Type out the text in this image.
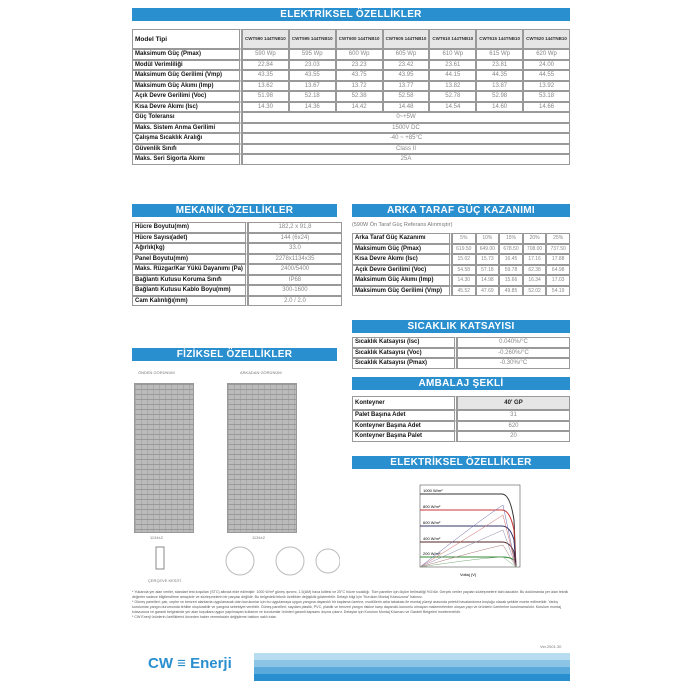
ELEKTRİKSEL ÖZELLİKLER
Model Tipi	CWT590 144TNB10	CWT595 144TNB10	CWT600 144TNB10	CWT605 144TNB10	CWT610 144TNB10	CWT615 144TNB10	CWT620 144TNB10
Maksimum Güç (Pmax)	590 Wp	595 Wp	600 Wp	605 Wp	610 Wp	615 Wp	620 Wp
Modül Verimliliği	22.84	23.03	23.23	23.42	23.61	23.81	24.00
Maksimum Güç Gerilimi (Vmp)	43.35	43.55	43.75	43.95	44.15	44.35	44.55
Maksimum Güç Akımı (Imp)	13.62	13.67	13.72	13.77	13.82	13.87	13.92
Açık Devre Gerilimi (Voc)	51.98	52.18	52.38	52.58	52.78	52.98	53.18
Kısa Devre Akımı (Isc)	14.30	14.36	14.42	14.48	14.54	14.60	14.66
Güç Toleransı	0~+5W						
Maks. Sistem Anma Gerilimi	1500V DC						
Çalışma Sıcaklık Aralığı	-40 ~ +85°C						
Güvenlik Sınıfı	Class II						
Maks. Seri Sigorta Akımı	25A						
MEKANİK ÖZELLİKLER
Hücre Boyutu(mm)	182,2 x 91,8
Hücre Sayısı(adet)	144 (6x24)
Ağırlık(kg)	33.0
Panel Boyutu(mm)	2278x1134x35
Maks. Rüzgar/Kar Yükü Dayanımı (Pa)	2400/5400
Bağlantı Kutusu Koruma Sınıfı	IP68
Bağlantı Kutusu Kablo Boyu(mm)	300-1600
Cam Kalınlığı(mm)	2.0 / 2.0
ARKA TARAF GÜÇ KAZANIMI
(590W Ön Taraf Güç Referans Alınmıştır)
Arka Taraf Güç Kazanımı	5%	10%	15%	20%	25%
Maksimum Güç (Pmax)	619.50	649.00	678.50	708.00	737.50
Kısa Devre Akımı (Isc)	15.02	15.73	16.45	17.16	17.88
Açık Devre Gerilimi (Voc)	54.58	57.18	59.78	62.38	64.98
Maksimum Güç Akımı (Imp)	14.30	14.98	15.66	16.34	17.03
Maksimum Güç Gerilimi (Vmp)	45.52	47.69	49.85	52.02	54.19
SICAKLIK KATSAYISI
Sıcaklık Katsayısı (Isc)	0.040%/°C
Sıcaklık Katsayısı (Voc)	-0.260%/°C
Sıcaklık Katsayısı (Pmax)	-0.30%/°C
AMBALAJ ŞEKLİ
Konteyner	40' GP
Palet Başına Adet	31
Konteyner Başına Adet	620
Konteyner Başına Palet	20
FİZİKSEL ÖZELLİKLER
ÖNDEN GÖRÜNÜM	ARKADAN GÖRÜNÜM
1134±2	1134±2
ÇERÇEVE KESİTİ
ELEKTRİKSEL ÖZELLİKLER
1000 W/m²
800 W/m²
600 W/m²
400 W/m²
200 W/m²
Voltaj (V)

* Yukarıda yer alan veriler, standart test koşulları (STC) altında elde edilmiştir: 1000 W/m² güneş ışınımı, 1.5(AM) hava kütlesi ve 25°C hücre sıcaklığı. Tüm paneller için ölçüm belirsizliği %3'dür. Gerçek veriler yapılan sözleşmelere tabi olacaktır. Bu dokümanda yer alan teknik değerler sadece bilgilendirme amaçlıdır ve sözleşmelerin bir parçası değildir. Bu belgedeki teknik özellikler değişiklik gösterebilir. Detaylı bilgi için "Kurulum Montaj Kılavuzuna" bakınız.

* Güneş panelleri; çatı, cephe ve benzeri alanlarda uygulanacak olan kurulumlar için bu uygulamaya uygun yangına dayanıklı bir kaplama üzerine, modüllerin arka tabakası ile montaj yüzeyi arasında petekli havalandırma boşluğu olacak şekilde monte edilmelidir. Yanlış kurulumlar yangın durumunda tehlike oluşturabilir ve yangına sebebiyet verebilir. Güneş panelleri; saydam plastik, PVC, plastik ve benzeri yangın riskine karşı dayanıklı-konumlu olmayan malzemelerden oluşan yapı ve ürünlerin üzerlerine kurulmamalıdır. Kurulum montaj kılavuzuna ve garanti belgesinde yer alan koşullara uygun yapılmayan kullanım ve kurulumlar ürünleri garanti kapsamı dışına çıkarır. Detaylar için Kurulum Montaj Kılavuzu ve Garanti Belgeleri incelenmelidir.

* CW Enerji ürünlerin özelliklerini önceden haber vermeksizin değiştirme hakkını saklı tutar.

Ver.2501.30
CW ≡ Enerji
